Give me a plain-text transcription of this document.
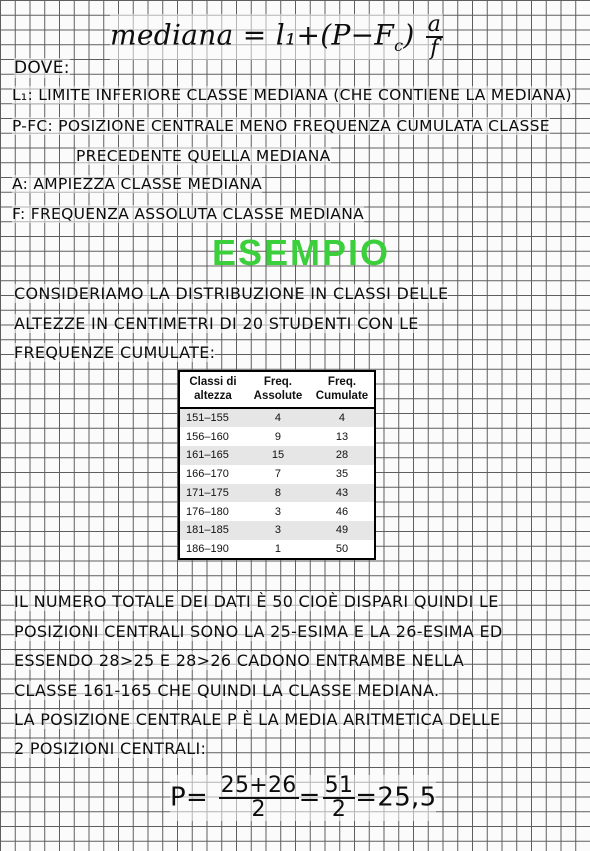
mediana = $l_1+(P-F_c) \frac{a}{f}$
DOVE:
L₁: LIMITE INFERIORE CLASSE MEDIANA (CHE CONTIENE LA MEDIANA)
P-FC: POSIZIONE CENTRALE MENO FREQUENZA CUMULATA CLASSE
PRECEDENTE QUELLA MEDIANA
A: AMPIEZZA CLASSE MEDIANA
F: FREQUENZA ASSOLUTA CLASSE MEDIANA
ESEMPIO
CONSIDERIAMO LA DISTRIBUZIONE IN CLASSI DELLE
ALTEZZE IN CENTIMETRI DI 20 STUDENTI CON LE
FREQUENZE CUMULATE:
Classi di altezza	Freq. Assolute	Freq. Cumulate
151–155	4	4
156–160	9	13
161–165	15	28
166–170	7	35
171–175	8	43
176–180	3	46
181–185	3	49
186–190	1	50
IL NUMERO TOTALE DEI DATI È 50 CIOÈ DISPARI QUINDI LE
POSIZIONI CENTRALI SONO LA 25-ESIMA E LA 26-ESIMA ED
ESSENDO 28>25 E 28>26 CADONO ENTRAMBE NELLA
CLASSE 161-165 CHE QUINDI LA CLASSE MEDIANA.
LA POSIZIONE CENTRALE P È LA MEDIA ARITMETICA DELLE
2 POSIZIONI CENTRALI:
$P= \frac{25+26}{2} = \frac{51}{2} =25,5$
